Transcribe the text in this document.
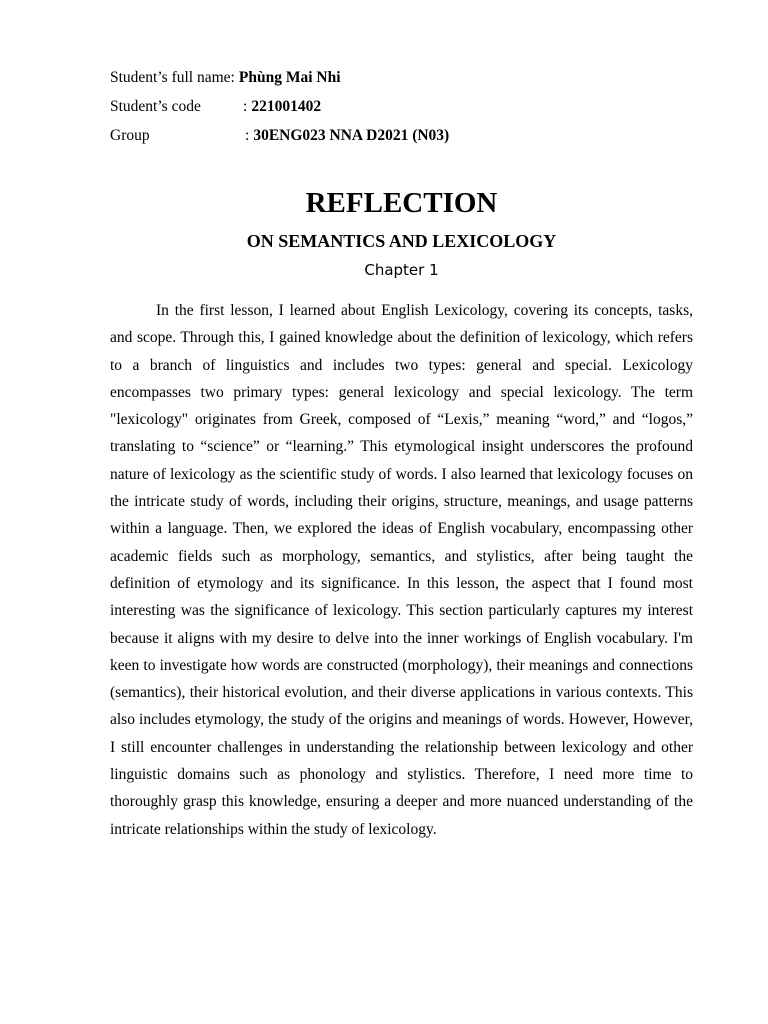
Student’s full name: Phùng Mai Nhi
Student’s code	: 221001402
Group	: 30ENG023 NNA D2021 (N03)
REFLECTION
ON SEMANTICS AND LEXICOLOGY
Chapter 1

In the first lesson, I learned about English Lexicology, covering its concepts, tasks, and scope. Through this, I gained knowledge about the definition of lexicology, which refers to a branch of linguistics and includes two types: general and special. Lexicology encompasses two primary types: general lexicology and special lexicology. The term "lexicology" originates from Greek, composed of “Lexis,” meaning “word,” and “logos,” translating to “science” or “learning.” This etymological insight underscores the profound nature of lexicology as the scientific study of words. I also learned that lexicology focuses on the intricate study of words, including their origins, structure, meanings, and usage patterns within a language. Then, we explored the ideas of English vocabulary, encompassing other academic fields such as morphology, semantics, and stylistics, after being taught the definition of etymology and its significance. In this lesson, the aspect that I found most interesting was the significance of lexicology. This section particularly captures my interest because it aligns with my desire to delve into the inner workings of English vocabulary. I'm keen to investigate how words are constructed (morphology), their meanings and connections (semantics), their historical evolution, and their diverse applications in various contexts. This also includes etymology, the study of the origins and meanings of words. However, However, I still encounter challenges in understanding the relationship between lexicology and other linguistic domains such as phonology and stylistics. Therefore, I need more time to thoroughly grasp this knowledge, ensuring a deeper and more nuanced understanding of the intricate relationships within the study of lexicology.
